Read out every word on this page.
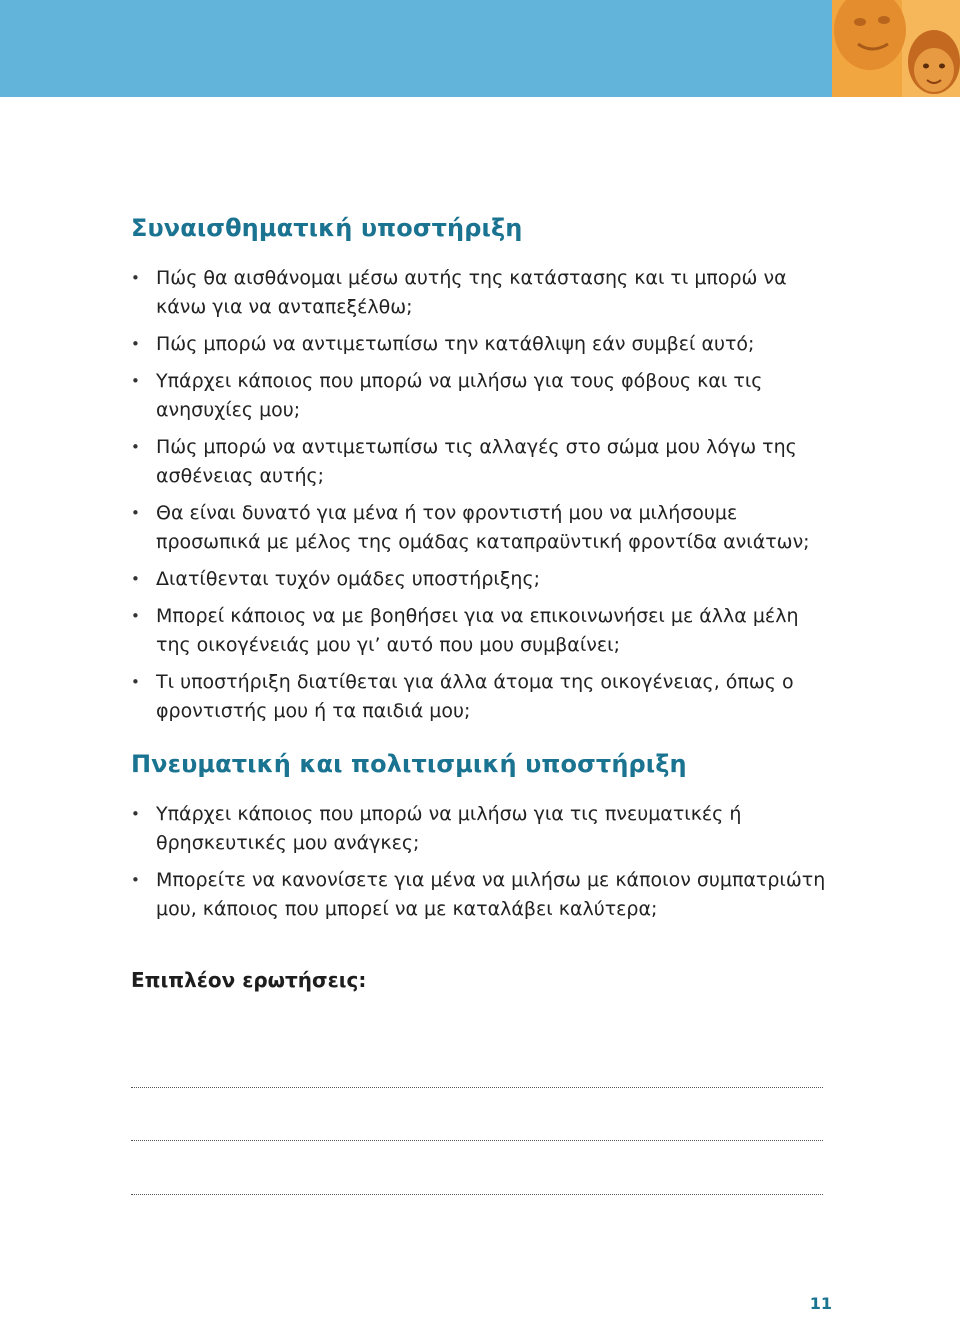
Συναισθηματική υποστήριξη
• Πώς θα αισθάνομαι μέσω αυτής της κατάστασης και τι μπορώ να κάνω για να ανταπεξέλθω;
• Πώς μπορώ να αντιμετωπίσω την κατάθλιψη εάν συμβεί αυτό;
• Υπάρχει κάποιος που μπορώ να μιλήσω για τους φόβους και τις ανησυχίες μου;
• Πώς μπορώ να αντιμετωπίσω τις αλλαγές στο σώμα μου λόγω της ασθένειας αυτής;
• Θα είναι δυνατό για μένα ή τον φροντιστή μου να μιλήσουμε προσωπικά με μέλος της ομάδας καταπραϋντική φροντίδα ανιάτων;
• Διατίθενται τυχόν ομάδες υποστήριξης;
• Μπορεί κάποιος να με βοηθήσει για να επικοινωνήσει με άλλα μέλη της οικογένειάς μου γι’ αυτό που μου συμβαίνει;
• Τι υποστήριξη διατίθεται για άλλα άτομα της οικογένειας, όπως ο φροντιστής μου ή τα παιδιά μου;
Πνευματική και πολιτισμική υποστήριξη
• Υπάρχει κάποιος που μπορώ να μιλήσω για τις πνευματικές ή θρησκευτικές μου ανάγκες;
• Μπορείτε να κανονίσετε για μένα να μιλήσω με κάποιον συμπατριώτη μου, κάποιος που μπορεί να με καταλάβει καλύτερα;
Επιπλέον ερωτήσεις:
11
